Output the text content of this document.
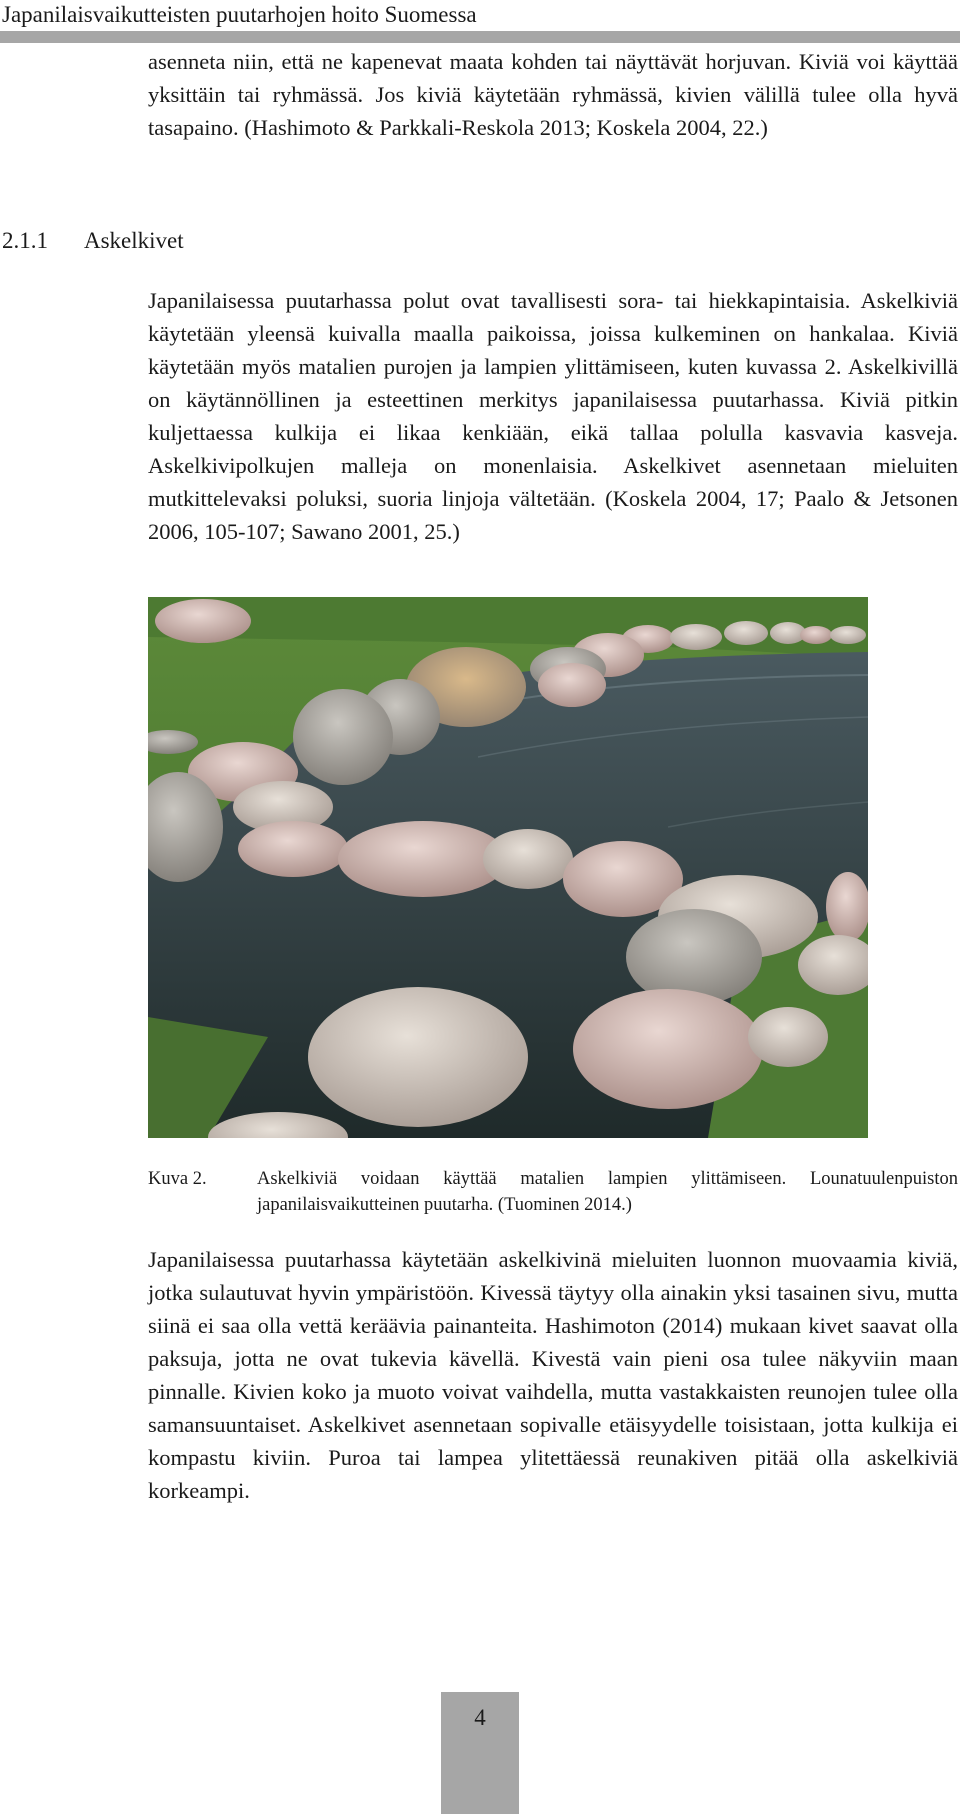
Japanilaisvaikutteisten puutarhojen hoito Suomessa

asenneta niin, että ne kapenevat maata kohden tai näyttävät horjuvan. Kiviä voi käyttää yksittäin tai ryhmässä. Jos kiviä käytetään ryhmässä, kivien välillä tulee olla hyvä tasapaino. (Hashimoto & Parkkali-Reskola 2013; Koskela 2004, 22.)

2.1.1 Askelkivet

Japanilaisessa puutarhassa polut ovat tavallisesti sora- tai hiekkapintaisia. Askelkiviä käytetään yleensä kuivalla maalla paikoissa, joissa kulkeminen on hankalaa. Kiviä käytetään myös matalien purojen ja lampien ylittämiseen, kuten kuvassa 2. Askelkivillä on käytännöllinen ja esteettinen merkitys japanilaisessa puutarhassa. Kiviä pitkin kuljettaessa kulkija ei likaa kenkiään, eikä tallaa polulla kasvavia kasveja. Askelkivipolkujen malleja on monenlaisia. Askelkivet asennetaan mieluiten mutkittelevaksi poluksi, suoria linjoja vältetään. (Koskela 2004, 17; Paalo & Jetsonen 2006, 105-107; Sawano 2001, 25.)

Kuva 2.	Askelkiviä voidaan käyttää matalien lampien ylittämiseen. Lounatuulenpuiston japanilaisvaikutteinen puutarha. (Tuominen 2014.)

Japanilaisessa puutarhassa käytetään askelkivinä mieluiten luonnon muovaamia kiviä, jotka sulautuvat hyvin ympäristöön. Kivessä täytyy olla ainakin yksi tasainen sivu, mutta siinä ei saa olla vettä keräävia painanteita. Hashimoton (2014) mukaan kivet saavat olla paksuja, jotta ne ovat tukevia kävellä. Kivestä vain pieni osa tulee näkyviin maan pinnalle. Kivien koko ja muoto voivat vaihdella, mutta vastakkaisten reunojen tulee olla samansuuntaiset. Askelkivet asennetaan sopivalle etäisyydelle toisistaan, jotta kulkija ei kompastu kiviin. Puroa tai lampea ylitettäessä reunakiven pitää olla askelkiviä korkeampi.

4
